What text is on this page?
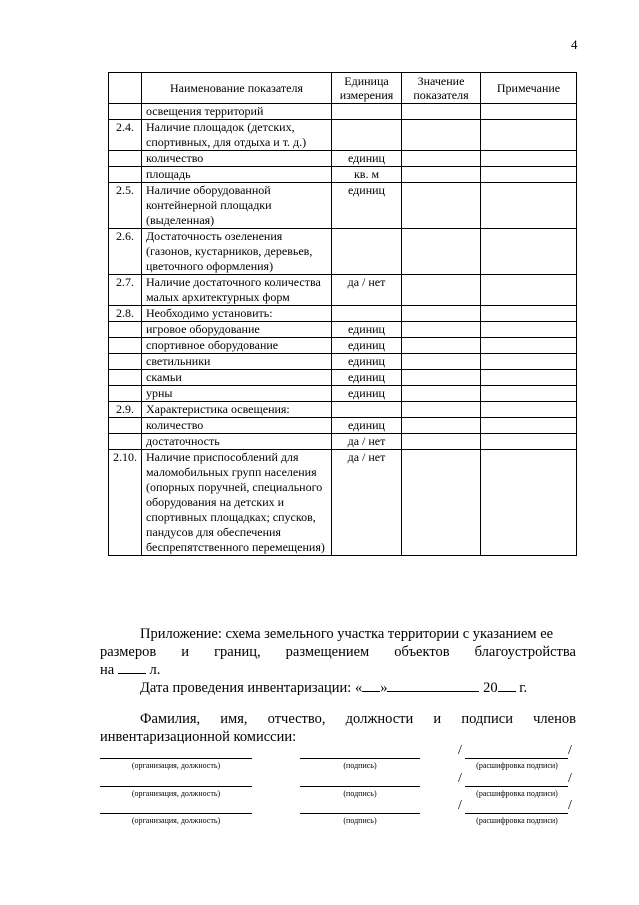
4
	Наименование показателя	Единица измерения	Значение показателя	Примечание
	освещения территорий			
2.4.	Наличие площадок (детских, спортивных, для отдыха и т. д.)			
	количество	единиц		
	площадь	кв. м		
2.5.	Наличие оборудованной контейнерной площадки (выделенная)	единиц		
2.6.	Достаточность озеленения (газонов, кустарников, деревьев, цветочного оформления)			
2.7.	Наличие достаточного количества малых архитектурных форм	да / нет		
2.8.	Необходимо установить:			
	игровое оборудование	единиц		
	спортивное оборудование	единиц		
	светильники	единиц		
	скамьи	единиц		
	урны	единиц		
2.9.	Характеристика освещения:			
	количество	единиц		
	достаточность	да / нет		
2.10.	Наличие приспособлений для маломобильных групп населения (опорных поручней, специального оборудования на детских и спортивных площадках; спусков, пандусов для обеспечения беспрепятственного перемещения)	да / нет		
Приложение: схема земельного участка территории с указанием ее
размеров и границ, размещением объектов благоустройства
на л.
Дата проведения инвентаризации: « »	20 г.
Фамилия, имя, отчество, должности и подписи членов
инвентаризационной комиссии:
(организация, должность)	(подпись)
/	/
(расшифровка подписи)
(организация, должность)	(подпись)
/	/
(расшифровка подписи)
(организация, должность)	(подпись)
/	/
(расшифровка подписи)
